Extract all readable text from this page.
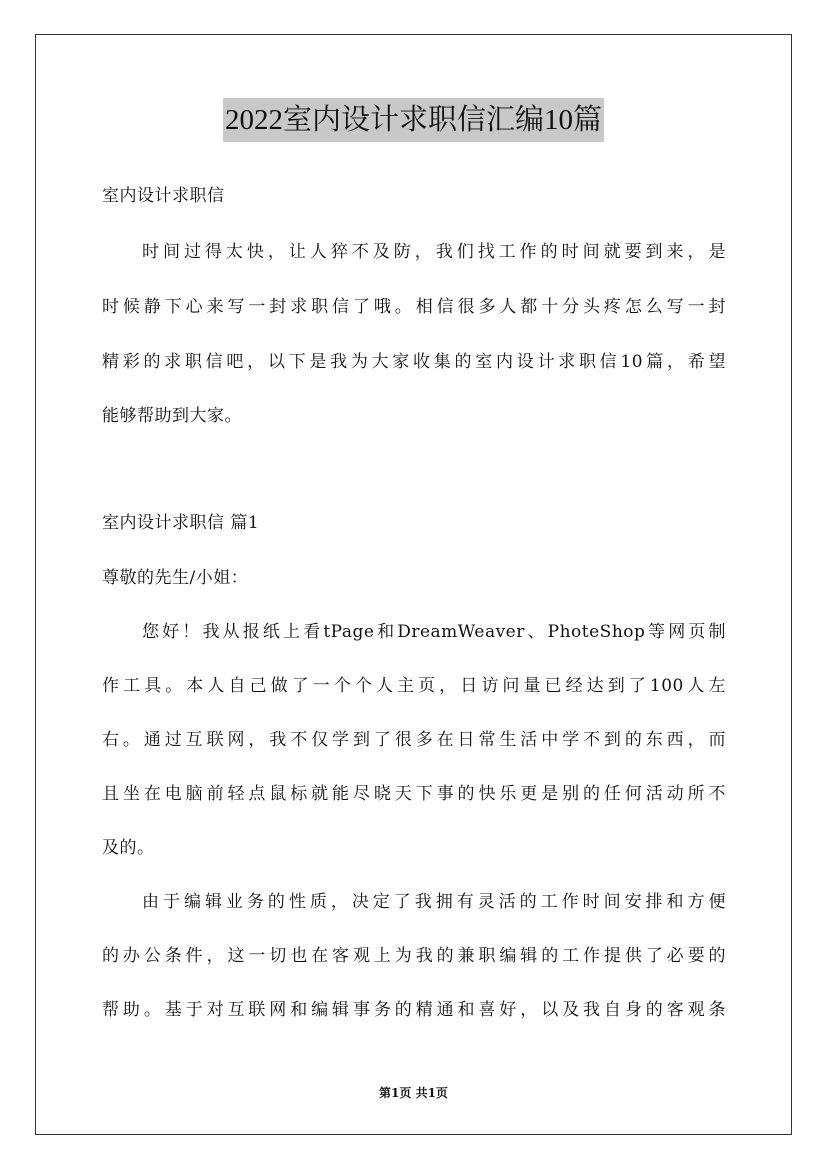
2022室内设计求职信汇编10篇
室内设计求职信
时间过得太快，让人猝不及防，我们找工作的时间就要到来，是
时候静下心来写一封求职信了哦。相信很多人都十分头疼怎么写一封
精彩的求职信吧，以下是我为大家收集的室内设计求职信10篇，希望
能够帮助到大家。
室内设计求职信 篇1
尊敬的先生/小姐：
您好！我从报纸上看tPage和DreamWeaver、PhoteShop等网页制
作工具。本人自己做了一个个人主页，日访问量已经达到了100人左
右。通过互联网，我不仅学到了很多在日常生活中学不到的东西，而
且坐在电脑前轻点鼠标就能尽晓天下事的快乐更是别的任何活动所不
及的。
由于编辑业务的性质，决定了我拥有灵活的工作时间安排和方便
的办公条件，这一切也在客观上为我的兼职编辑的工作提供了必要的
帮助。基于对互联网和编辑事务的精通和喜好，以及我自身的客观条
第1页 共1页
